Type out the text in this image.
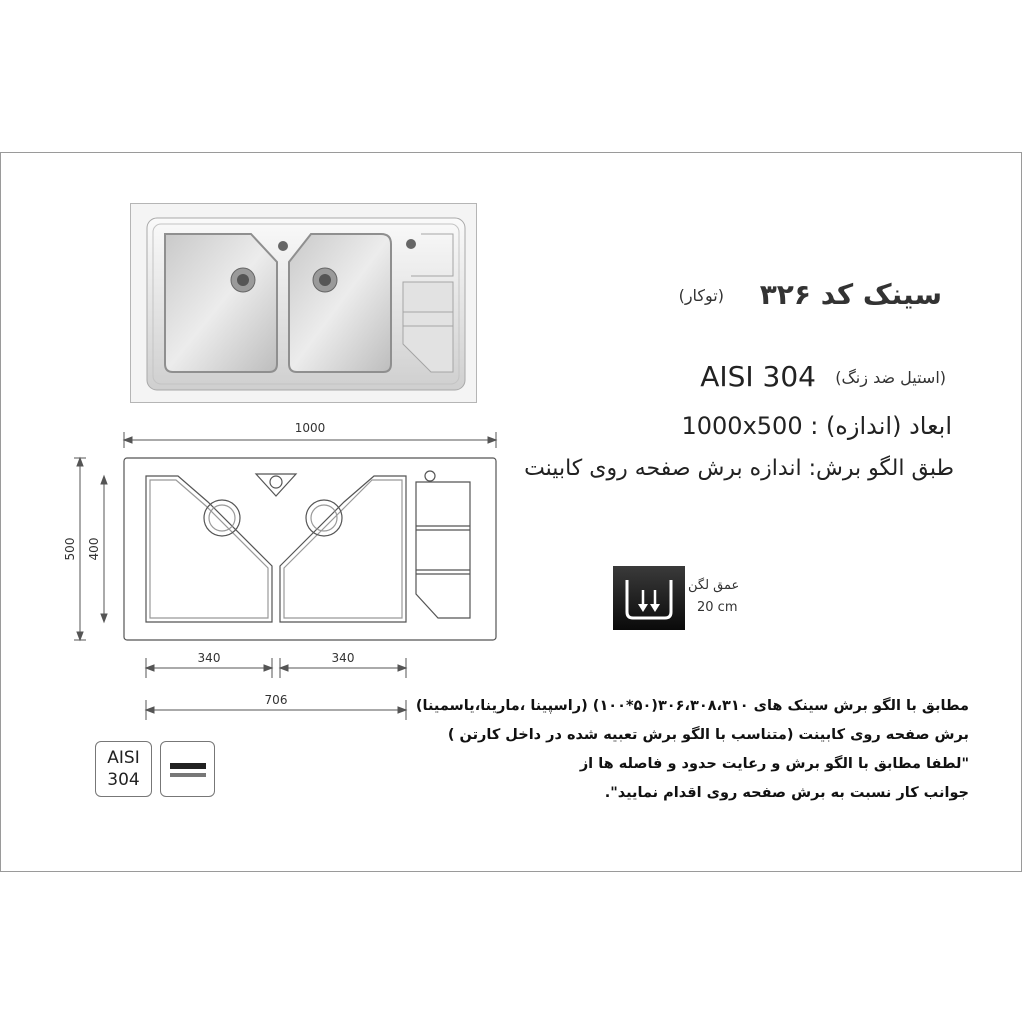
1000
500 400
340	340
706
سینک کد ۳۲۶
(توکار)
AISI 304 (استیل ضد زنگ)
1000x500 : ابعاد (اندازه)
طبق الگو برش: اندازه برش صفحه روی کابینت
عمق لگن
20 cm
مطابق با الگو برش سینک های ۳۰۶،۳۰۸،۳۱۰(۵۰*۱۰۰) (راسپینا ،مارینا،یاسمینا)
برش صفحه روی کابینت (متناسب با الگو برش تعبیه شده در داخل کارتن )
"لطفا مطابق با الگو برش و رعایت حدود و فاصله ها از
جوانب کار نسبت به برش صفحه روی اقدام نمایید".
AISI
304
